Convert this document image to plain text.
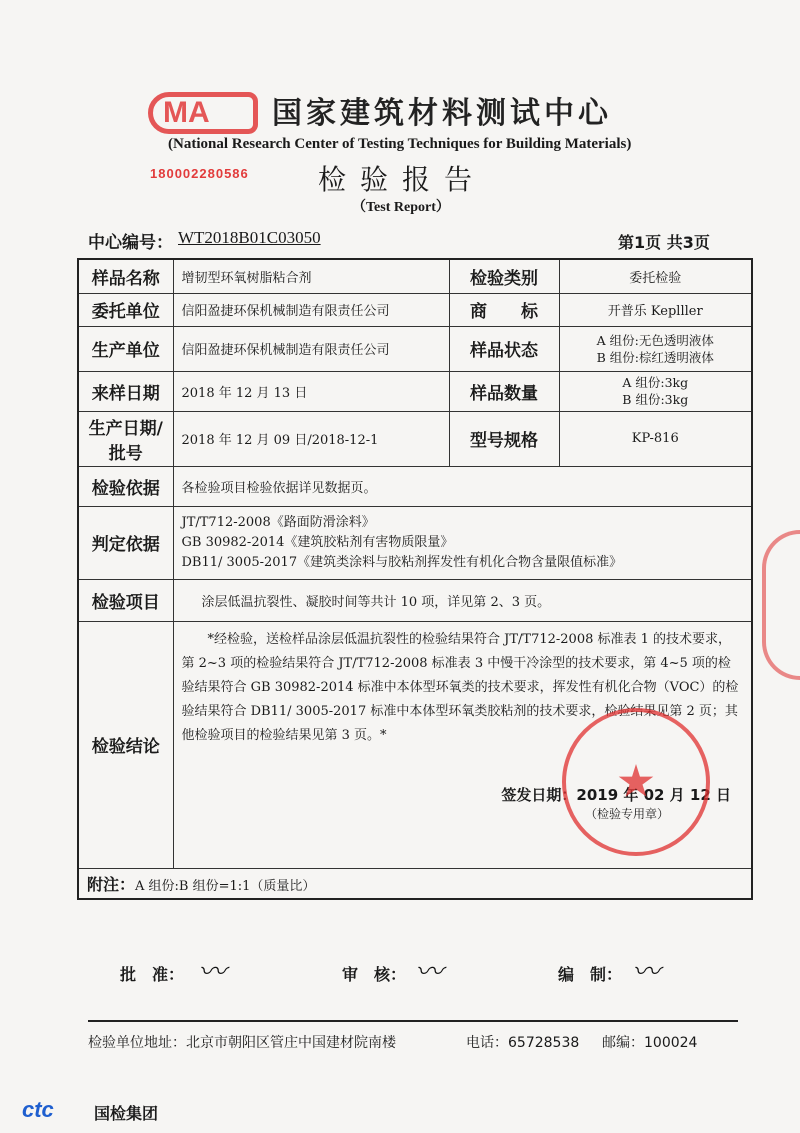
MA
180002280586
国家建筑材料测试中心
(National Research Center of Testing Techniques for Building Materials)
检验报告
（Test Report）
中心编号： WT2018B01C03050	第1页 共3页
样品名称	增韧型环氧树脂粘合剂	检验类别	委托检验
委托单位	信阳盈捷环保机械制造有限责任公司	商　　标	开普乐 Keplller
生产单位	信阳盈捷环保机械制造有限责任公司	样品状态	A 组份:无色透明液体
B 组份:棕红透明液体

来样日期	2018 年 12 月 13 日	样品数量	A 组份:3kg
B 组份:3kg

生产日期/
批号	2018 年 12 月 09 日/2018-12-1	型号规格	KP-816
检验依据	各检验项目检验依据详见数据页。		
判定依据	JT/T712-2008《路面防滑涂料》
GB 30982-2014《建筑胶粘剂有害物质限量》
DB11/ 3005-2017《建筑类涂料与胶粘剂挥发性有机化合物含量限值标准》		

检验项目	涂层低温抗裂性、凝胶时间等共计 10 项，详见第 2、3 页。		
检验结论	*经检验，送检样品涂层低温抗裂性的检验结果符合 JT/T712-2008 标准表 1 的技术要求，第 2~3 项的检验结果符合 JT/T712-2008 标准表 3 中慢干冷涂型的技术要求，第 4~5 项的检验结果符合 GB 30982-2014 标准中本体型环氧类的技术要求，挥发性有机化合物（VOC）的检验结果符合 DB11/ 3005-2017 标准中本体型环氧类胶粘剂的技术要求，检验结果见第 2 页；其他检验项目的检验结果见第 3 页。*
签发日期：2019 年 02 月 12 日
（检验专用章）		

附注：A 组份:B 组份=1:1（质量比）			
批　准： 〰	审　核： 〰	编　制： 〰
检验单位地址：北京市朝阳区管庄中国建材院南楼	电话：65728538 邮编：100024
ctc	国检集团
